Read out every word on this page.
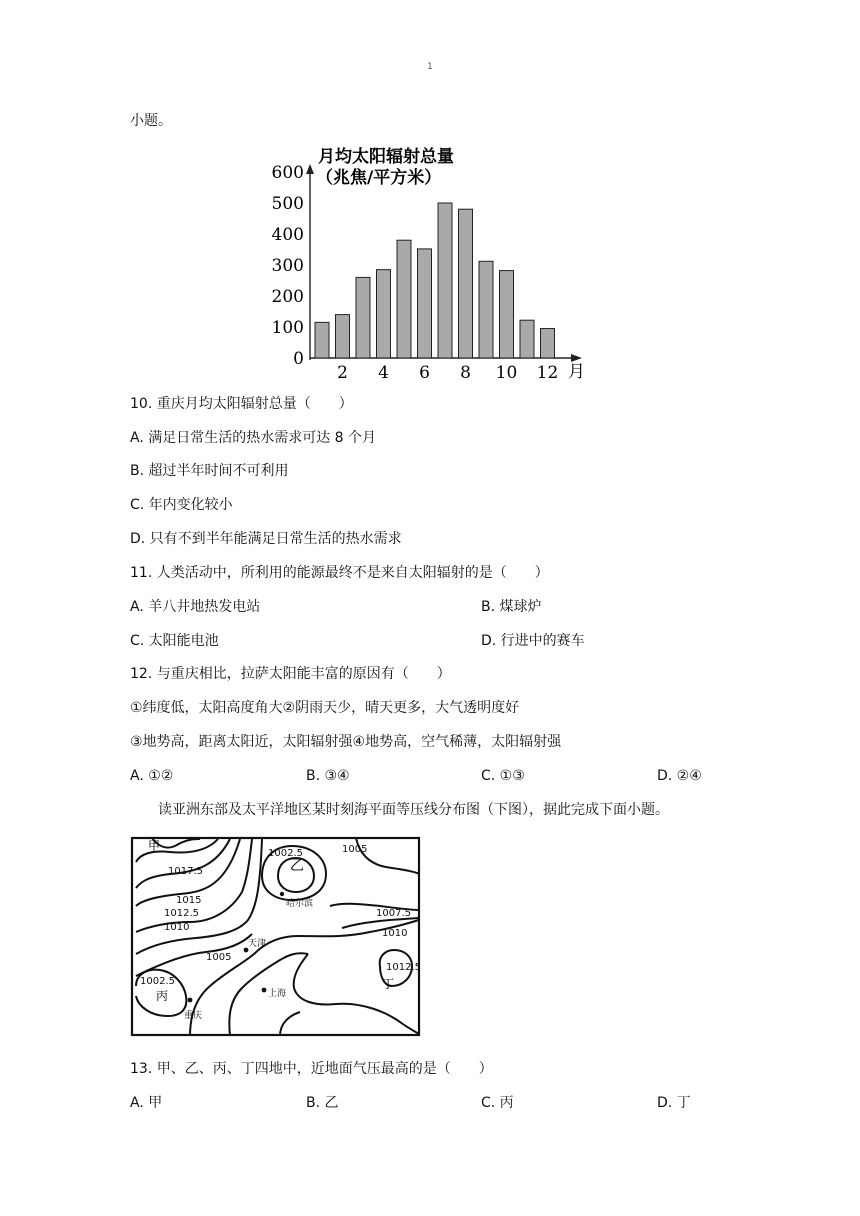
1
小题。
月均太阳辐射总量
（兆焦/平方米）
月
0
100
200
300
400
500
600
2 4 6 8 10 12
10. 重庆月均太阳辐射总量（　　）
A. 满足日常生活的热水需求可达 8 个月
B. 超过半年时间不可利用
C. 年内变化较小
D. 只有不到半年能满足日常生活的热水需求
11. 人类活动中，所利用的能源最终不是来自太阳辐射的是（　　）
A. 羊八井地热发电站	B. 煤球炉
C. 太阳能电池	D. 行进中的赛车
12. 与重庆相比，拉萨太阳能丰富的原因有（　　）
①纬度低，太阳高度角大②阴雨天少，晴天更多，大气透明度好
③地势高，距离太阳近，太阳辐射强④地势高，空气稀薄，太阳辐射强
A. ①②	B. ③④	C. ①③	D. ②④
读亚洲东部及太平洋地区某时刻海平面等压线分布图（下图），据此完成下面小题。
甲
乙
丙
丁
1017.5
1015
1012.5
1010
1005
1002.5	1005
1007.5
1010
1012.5
1002.5
哈尔滨
天津
上海
重庆
13. 甲、乙、丙、丁四地中，近地面气压最高的是（　　）
A. 甲	B. 乙	C. 丙	D. 丁
